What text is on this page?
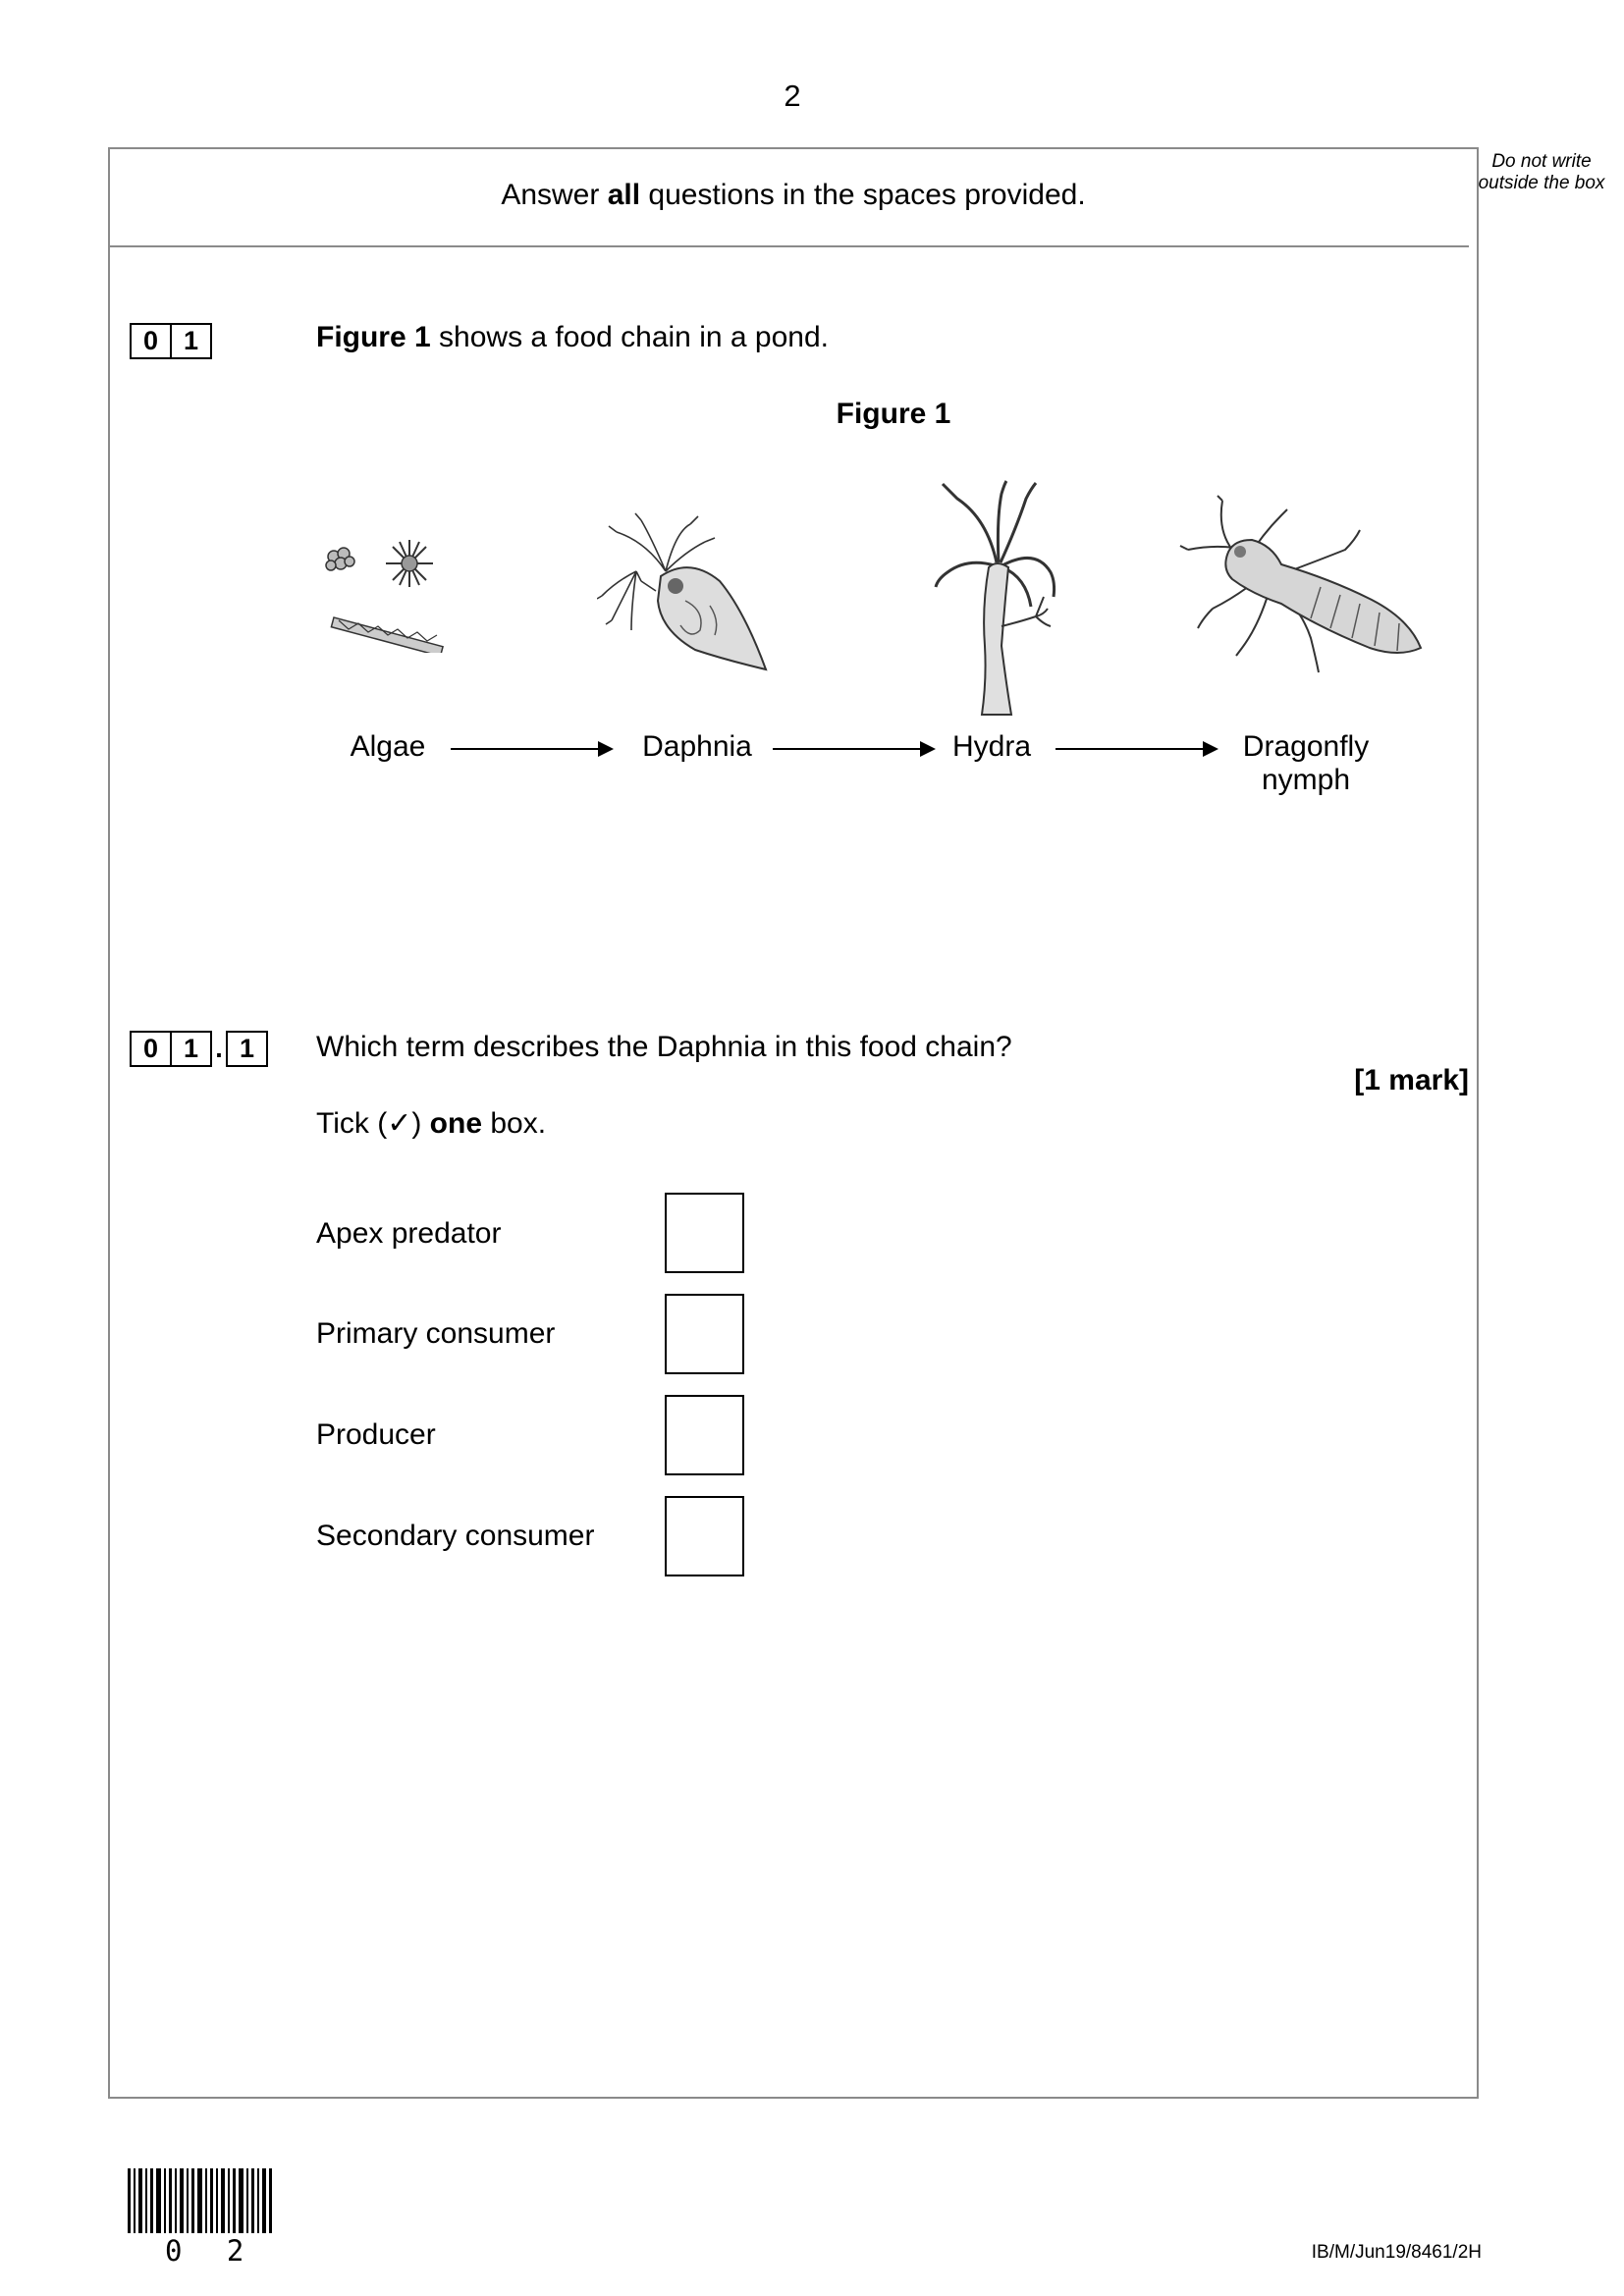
2
Do not write outside the box
Answer all questions in the spaces provided.
0 1	Figure 1 shows a food chain in a pond.
Figure 1
Algae	Daphnia	Hydra	Dragonfly
nymph
0 1 . 1	Which term describes the Daphnia in this food chain?
[1 mark]
Tick (✓) one box.
Apex predator
Primary consumer
Producer
Secondary consumer
0 2	IB/M/Jun19/8461/2H
